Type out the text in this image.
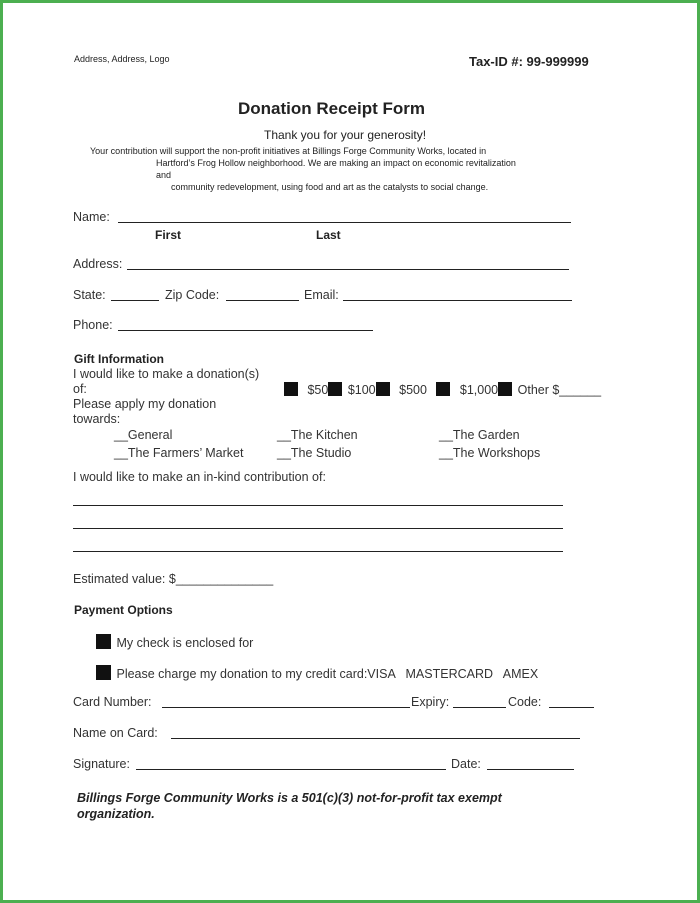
Address, Address, Logo	Tax-ID #: 99-999999
Donation Receipt Form
Thank you for your generosity!
Your contribution will support the non-profit initiatives at Billings Forge Community Works, located in
Hartford’s Frog Hollow neighborhood. We are making an impact on economic revitalization
and
community redevelopment, using food and art as the catalysts to social change.
Name:
First	Last
Address:
State:	Zip Code:	Email:
Phone:
Gift Information
I would like to make a donation(s)
of:	$50 $100 $500	$1,000 Other $______
Please apply my donation
towards:
__General	__The Kitchen	__The Garden
__The Farmers’ Market	__The Studio	__The Workshops
I would like to make an in-kind contribution of:
Estimated value: $______________
Payment Options
My check is enclosed for
Please charge my donation to my credit card:VISA   MASTERCARD   AMEX
Card Number:	Expiry:	Code:
Name on Card:
Signature:	Date:
Billings Forge Community Works is a 501(c)(3) not-for-profit tax exempt
organization.
